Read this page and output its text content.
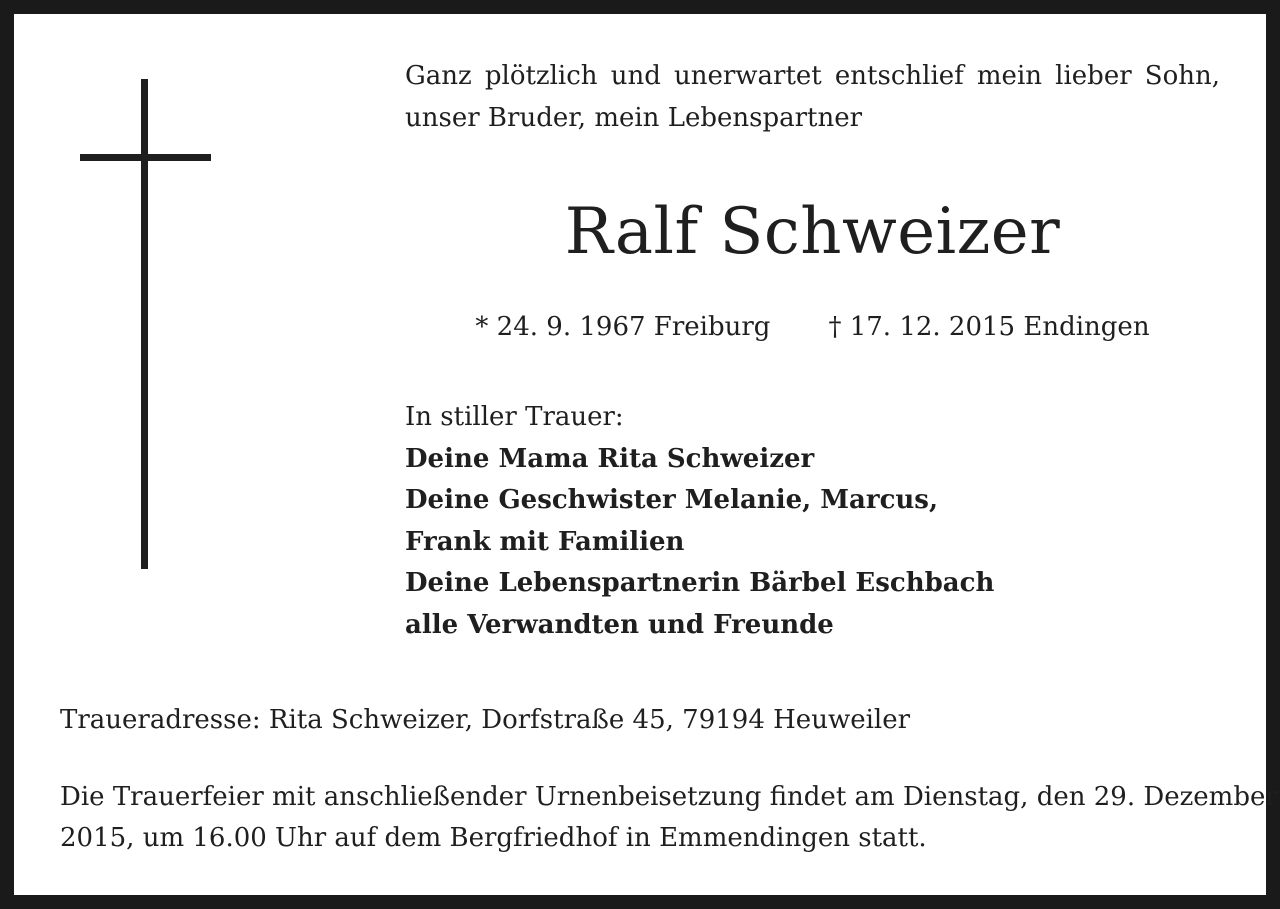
Ganz plötzlich und unerwartet entschlief mein lieber Sohn,
unser Bruder, mein Lebenspartner
Ralf Schweizer
* 24. 9. 1967 Freiburg † 17. 12. 2015 Endingen
In stiller Trauer:
Deine Mama Rita Schweizer
Deine Geschwister Melanie, Marcus,
Frank mit Familien
Deine Lebenspartnerin Bärbel Eschbach
alle Verwandten und Freunde
Traueradresse: Rita Schweizer, Dorfstraße 45, 79194 Heuweiler
Die Trauerfeier mit anschließender Urnenbeisetzung findet am Dienstag, den 29. Dezember
2015, um 16.00 Uhr auf dem Bergfriedhof in Emmendingen statt.
